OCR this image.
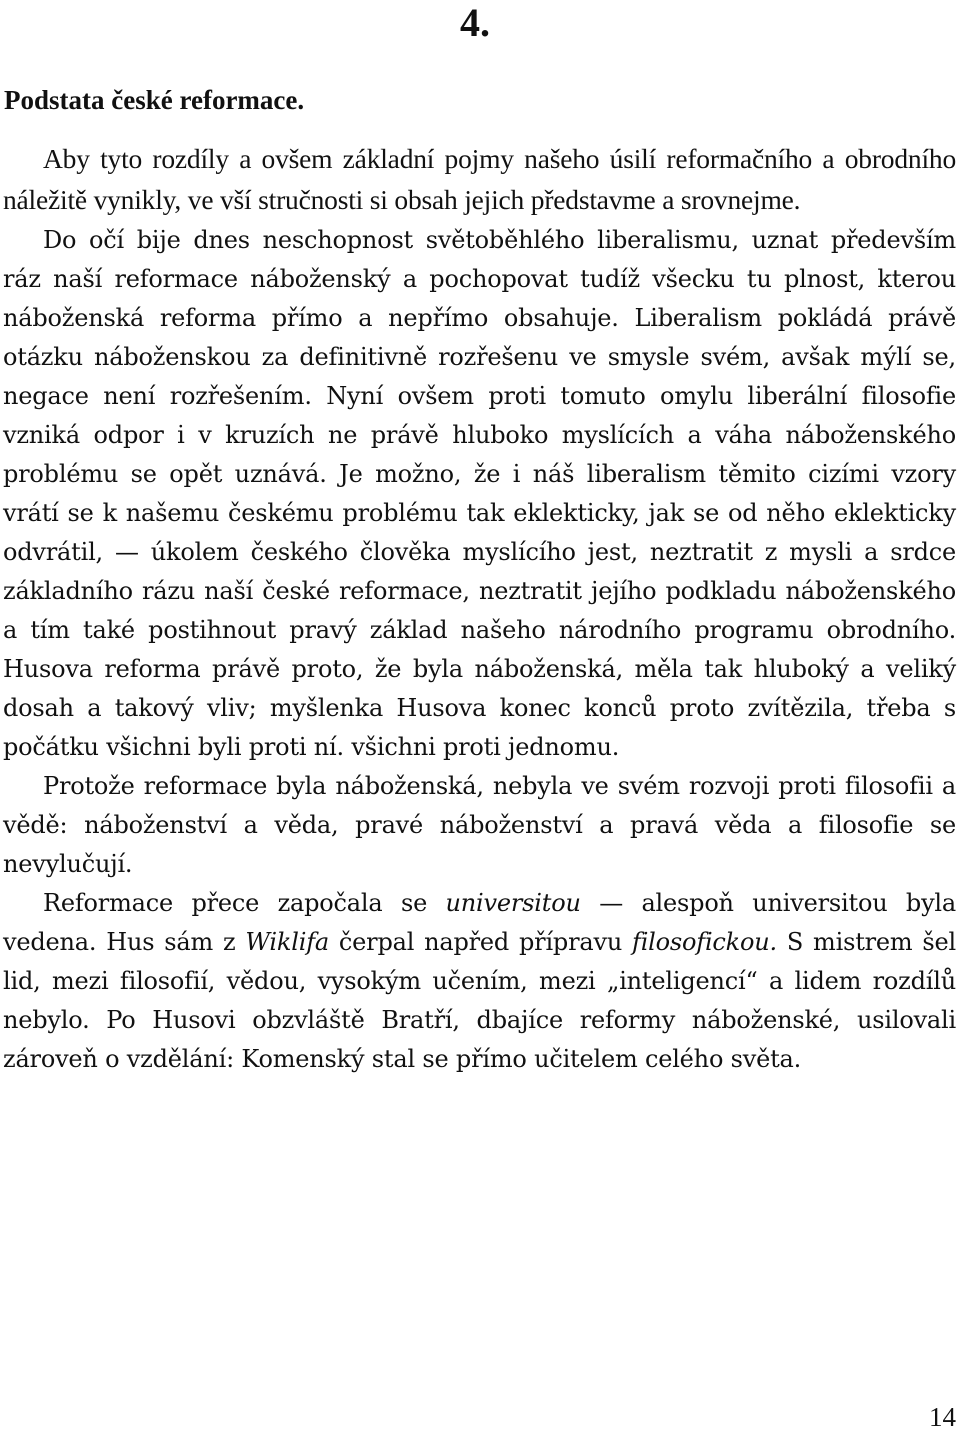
4.
Podstata české reformace.

Aby tyto rozdíly a ovšem základní pojmy našeho úsilí reformačního a obrodního náležitě vynikly, ve vší stručnosti si obsah jejich představme a srovnejme.
Do očí bije dnes neschopnost světoběhlého liberalismu, uznat především ráz naší reformace náboženský a pochopovat tudíž všecku tu plnost, kterou náboženská reforma přímo a nepřímo obsahuje. Liberalism pokládá právě otázku náboženskou za definitivně rozřešenu ve smysle svém, avšak mýlí se, negace není rozřešením. Nyní ovšem proti tomuto omylu liberální filosofie vzniká odpor i v kruzích ne právě hluboko myslících a váha náboženského problému se opět uznává. Je možno, že i náš liberalism těmito cizími vzory vrátí se k našemu českému problému tak eklekticky, jak se od něho eklekticky odvrátil, — úkolem českého člověka myslícího jest, neztratit z mysli a srdce základního rázu naší české reformace, neztratit jejího podkladu náboženského a tím také postihnout pravý základ našeho národního programu obrodního. Husova reforma právě proto, že byla náboženská, měla tak hluboký a veliký dosah a takový vliv; myšlenka Husova konec konců proto zvítězila, třeba s počátku všichni byli proti ní. všichni proti jednomu.

Protože reformace byla náboženská, nebyla ve svém rozvoji proti filosofii a vědě: náboženství a věda, pravé náboženství a pravá věda a filosofie se nevylučují.

Reformace přece započala se universitou — alespoň universitou byla vedena. Hus sám z Wiklifa čerpal napřed přípravu filosofickou. S mistrem šel lid, mezi filosofií, vědou, vysokým učením, mezi „inteligencí“ a lidem rozdílů nebylo. Po Husovi obzvláště Bratří, dbajíce reformy náboženské, usilovali zároveň o vzdělání: Komenský stal se přímo učitelem celého světa.

14
